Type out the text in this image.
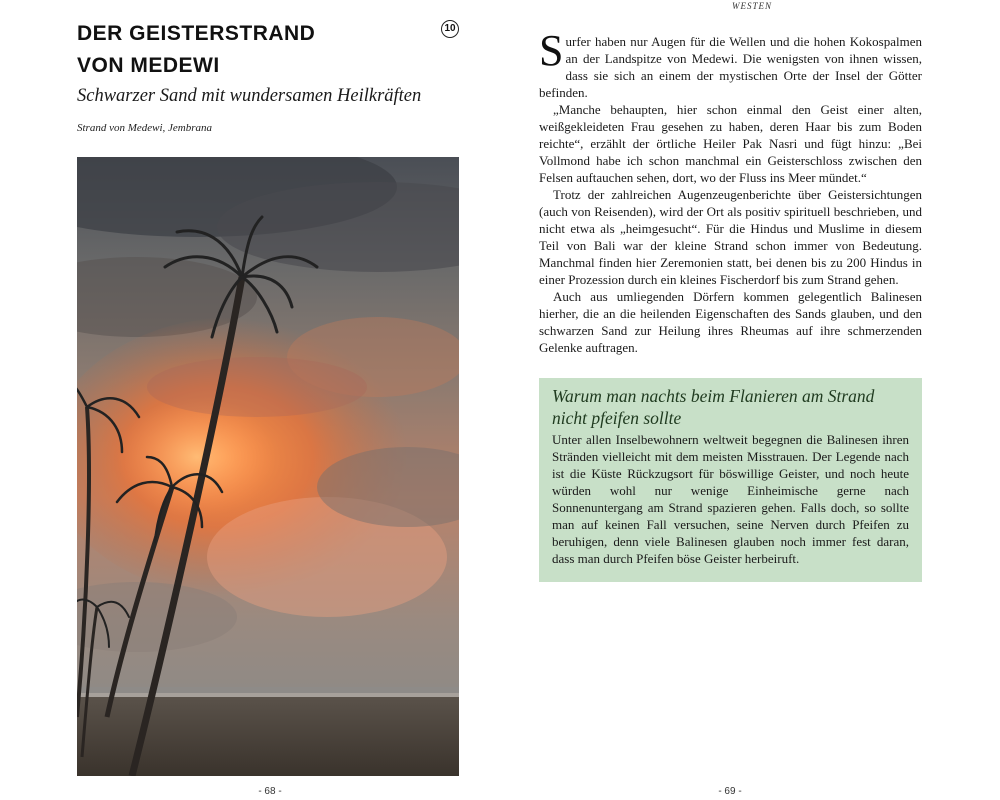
DER GEISTERSTRAND
VON MEDEWI
10
Schwarzer Sand mit wundersamen Heilkräften
Strand von Medewi, Jembrana
- 68 -
WESTEN

Surfer haben nur Augen für die Wellen und die hohen Kokospalmen an der Landspitze von Medewi. Die wenigsten von ihnen wissen, dass sie sich an einem der mystischen Orte der Insel der Götter befinden.

„Manche behaupten, hier schon einmal den Geist einer alten, weißgekleideten Frau gesehen zu haben, deren Haar bis zum Boden reichte“, erzählt der örtliche Heiler Pak Nasri und fügt hinzu: „Bei Vollmond habe ich schon manchmal ein Geisterschloss zwischen den Felsen auftauchen sehen, dort, wo der Fluss ins Meer mündet.“

Trotz der zahlreichen Augenzeugenberichte über Geistersichtungen (auch von Reisenden), wird der Ort als positiv spirituell beschrieben, und nicht etwa als „heimgesucht“. Für die Hindus und Muslime in diesem Teil von Bali war der kleine Strand schon immer von Bedeutung. Manchmal finden hier Zeremonien statt, bei denen bis zu 200 Hindus in einer Prozession durch ein kleines Fischerdorf bis zum Strand gehen.

Auch aus umliegenden Dörfern kommen gelegentlich Balinesen hierher, die an die heilenden Eigenschaften des Sands glauben, und den schwarzen Sand zur Heilung ihres Rheumas auf ihre schmerzenden Gelenke auftragen.

Warum man nachts beim Flanieren am Strand nicht pfeifen sollte

Unter allen Inselbewohnern weltweit begegnen die Balinesen ihren Stränden vielleicht mit dem meisten Misstrauen. Der Legende nach ist die Küste Rückzugsort für böswillige Geister, und noch heute würden wohl nur wenige Einheimische gerne nach Sonnenuntergang am Strand spazieren gehen. Falls doch, so sollte man auf keinen Fall versuchen, seine Nerven durch Pfeifen zu beruhigen, denn viele Balinesen glauben noch immer fest daran, dass man durch Pfeifen böse Geister herbeiruft.

- 69 -
